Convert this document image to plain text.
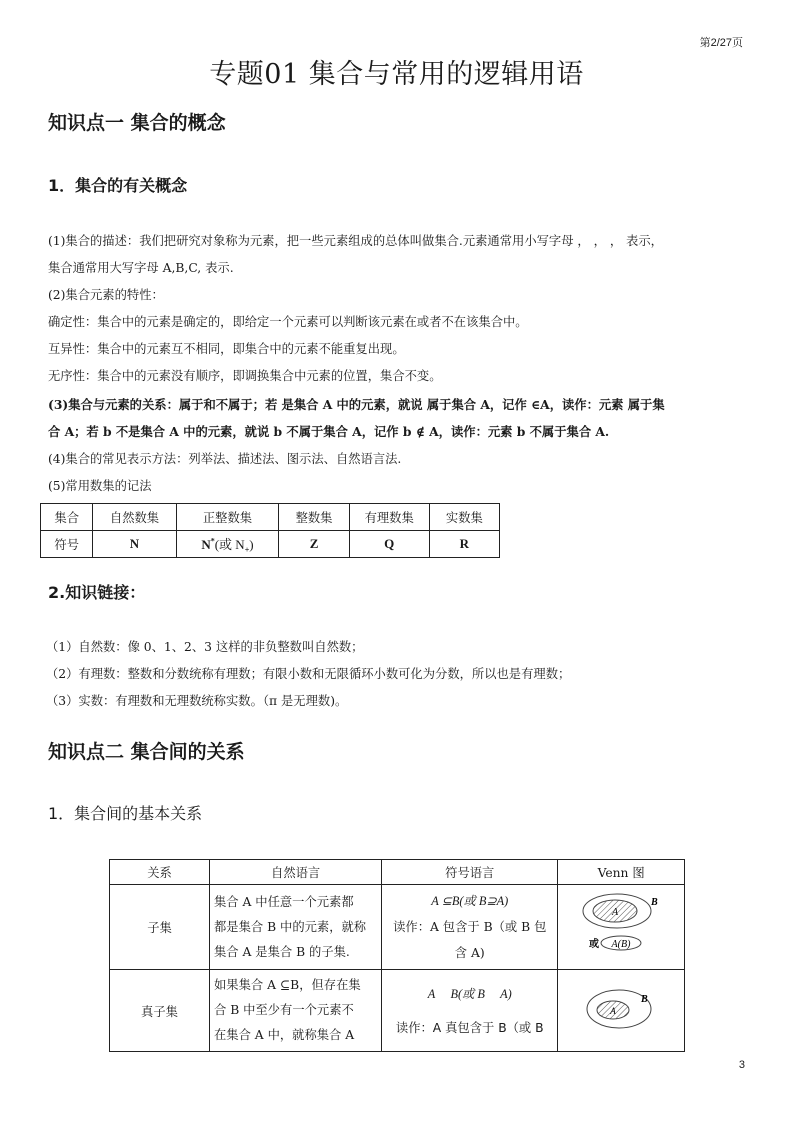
第2/27页
专题01 集合与常用的逻辑用语
知识点一 集合的概念
1．集合的有关概念
(1)集合的描述：我们把研究对象称为元素，把一些元素组成的总体叫做集合.元素通常用小写字母 ， ， ， 表示，
集合通常用大写字母 A,B,C, 表示.
(2)集合元素的特性：
确定性：集合中的元素是确定的，即给定一个元素可以判断该元素在或者不在该集合中。
互异性：集合中的元素互不相同，即集合中的元素不能重复出现。
无序性：集合中的元素没有顺序，即调换集合中元素的位置，集合不变。
(3)集合与元素的关系：属于和不属于；若 是集合 A 中的元素，就说 属于集合 A，记作 ∈A，读作：元素 属于集
合 A；若 b 不是集合 A 中的元素，就说 b 不属于集合 A，记作 b ∉ A，读作：元素 b 不属于集合 A.
(4)集合的常见表示方法：列举法、描述法、图示法、自然语言法.
(5)常用数集的记法
集合	自然数集	正整数集	整数集	有理数集	实数集
符号	N	N*(或 $N_+$)	Z	Q	R
2.知识链接：
（1）自然数：像 0、1、2、3 这样的非负整数叫自然数；
（2）有理数：整数和分数统称有理数；有限小数和无限循环小数可化为分数，所以也是有理数；
（3）实数：有理数和无理数统称实数。（π 是无理数)。
知识点二 集合间的关系
1．集合间的基本关系
关系	自然语言	符号语言	Venn 图
子集	
集合 A 中任意一个元素都
都是集合 B 中的元素，就称
集合 A 是集合 B 的子集.

A ⊆B(或 B⊇A)
读作：A 包含于 B（或 B 包
含 A)

A
B
或 A(B)

真子集	
如果集合 A ⊆B，但存在集
合 B 中至少有一个元素不
在集合 A 中，就称集合 A

A     B(或 B     A)
读作：A 真包含于 B（或 B

A
B
3
